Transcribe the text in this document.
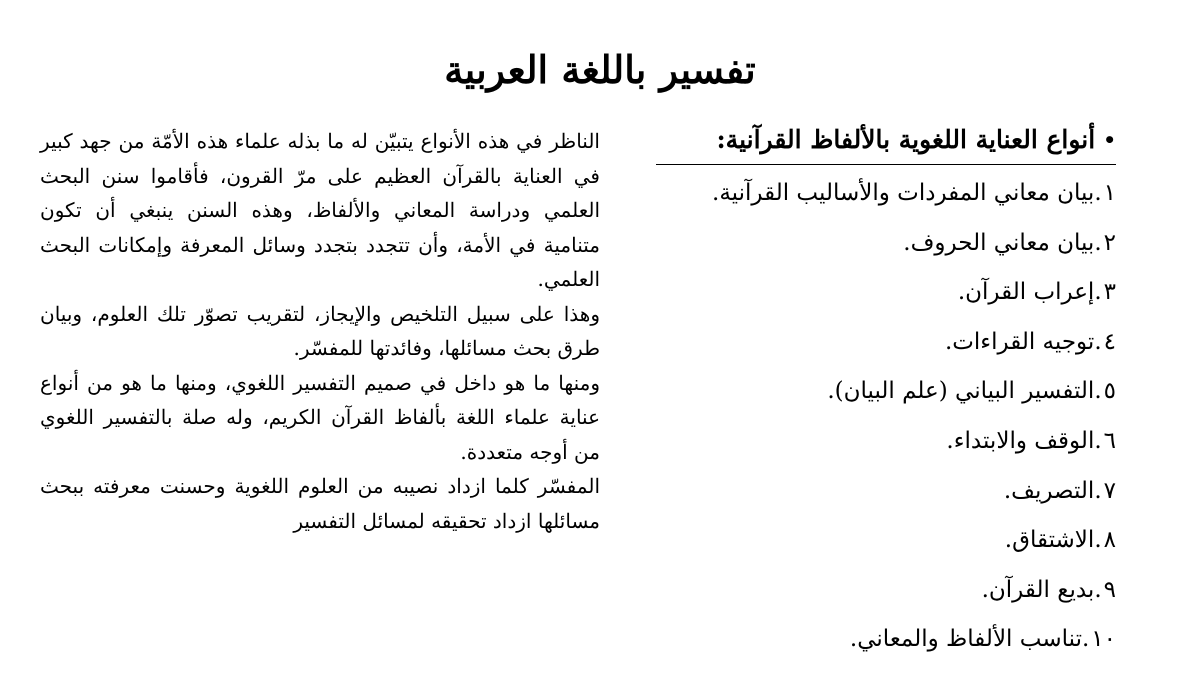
تفسير باللغة العربية
•
أنواع العناية اللغوية بالألفاظ القرآنية:
١.بيان معاني المفردات والأساليب القرآنية.
٢.بيان معاني الحروف.
٣.إعراب القرآن.
٤.توجيه القراءات.
٥.التفسير البياني (علم البيان).
٦.الوقف والابتداء.
٧.التصريف.
٨.الاشتقاق.
٩.بديع القرآن.
١٠.تناسب الألفاظ والمعاني.

الناظر في هذه الأنواع يتبيّن له ما بذله علماء هذه الأمّة من جهد كبير في العناية بالقرآن العظيم على مرّ القرون، فأقاموا سنن البحث العلمي ودراسة المعاني والألفاظ، وهذه السنن ينبغي أن تكون متنامية في الأمة، وأن تتجدد بتجدد وسائل المعرفة وإمكانات البحث العلمي.

وهذا على سبيل التلخيص والإيجاز، لتقريب تصوّر تلك العلوم، وبيان طرق بحث مسائلها، وفائدتها للمفسّر.

ومنها ما هو داخل في صميم التفسير اللغوي، ومنها ما هو من أنواع عناية علماء اللغة بألفاظ القرآن الكريم، وله صلة بالتفسير اللغوي من أوجه متعددة.

المفسّر كلما ازداد نصيبه من العلوم اللغوية وحسنت معرفته ببحث مسائلها ازداد تحقيقه لمسائل التفسير
